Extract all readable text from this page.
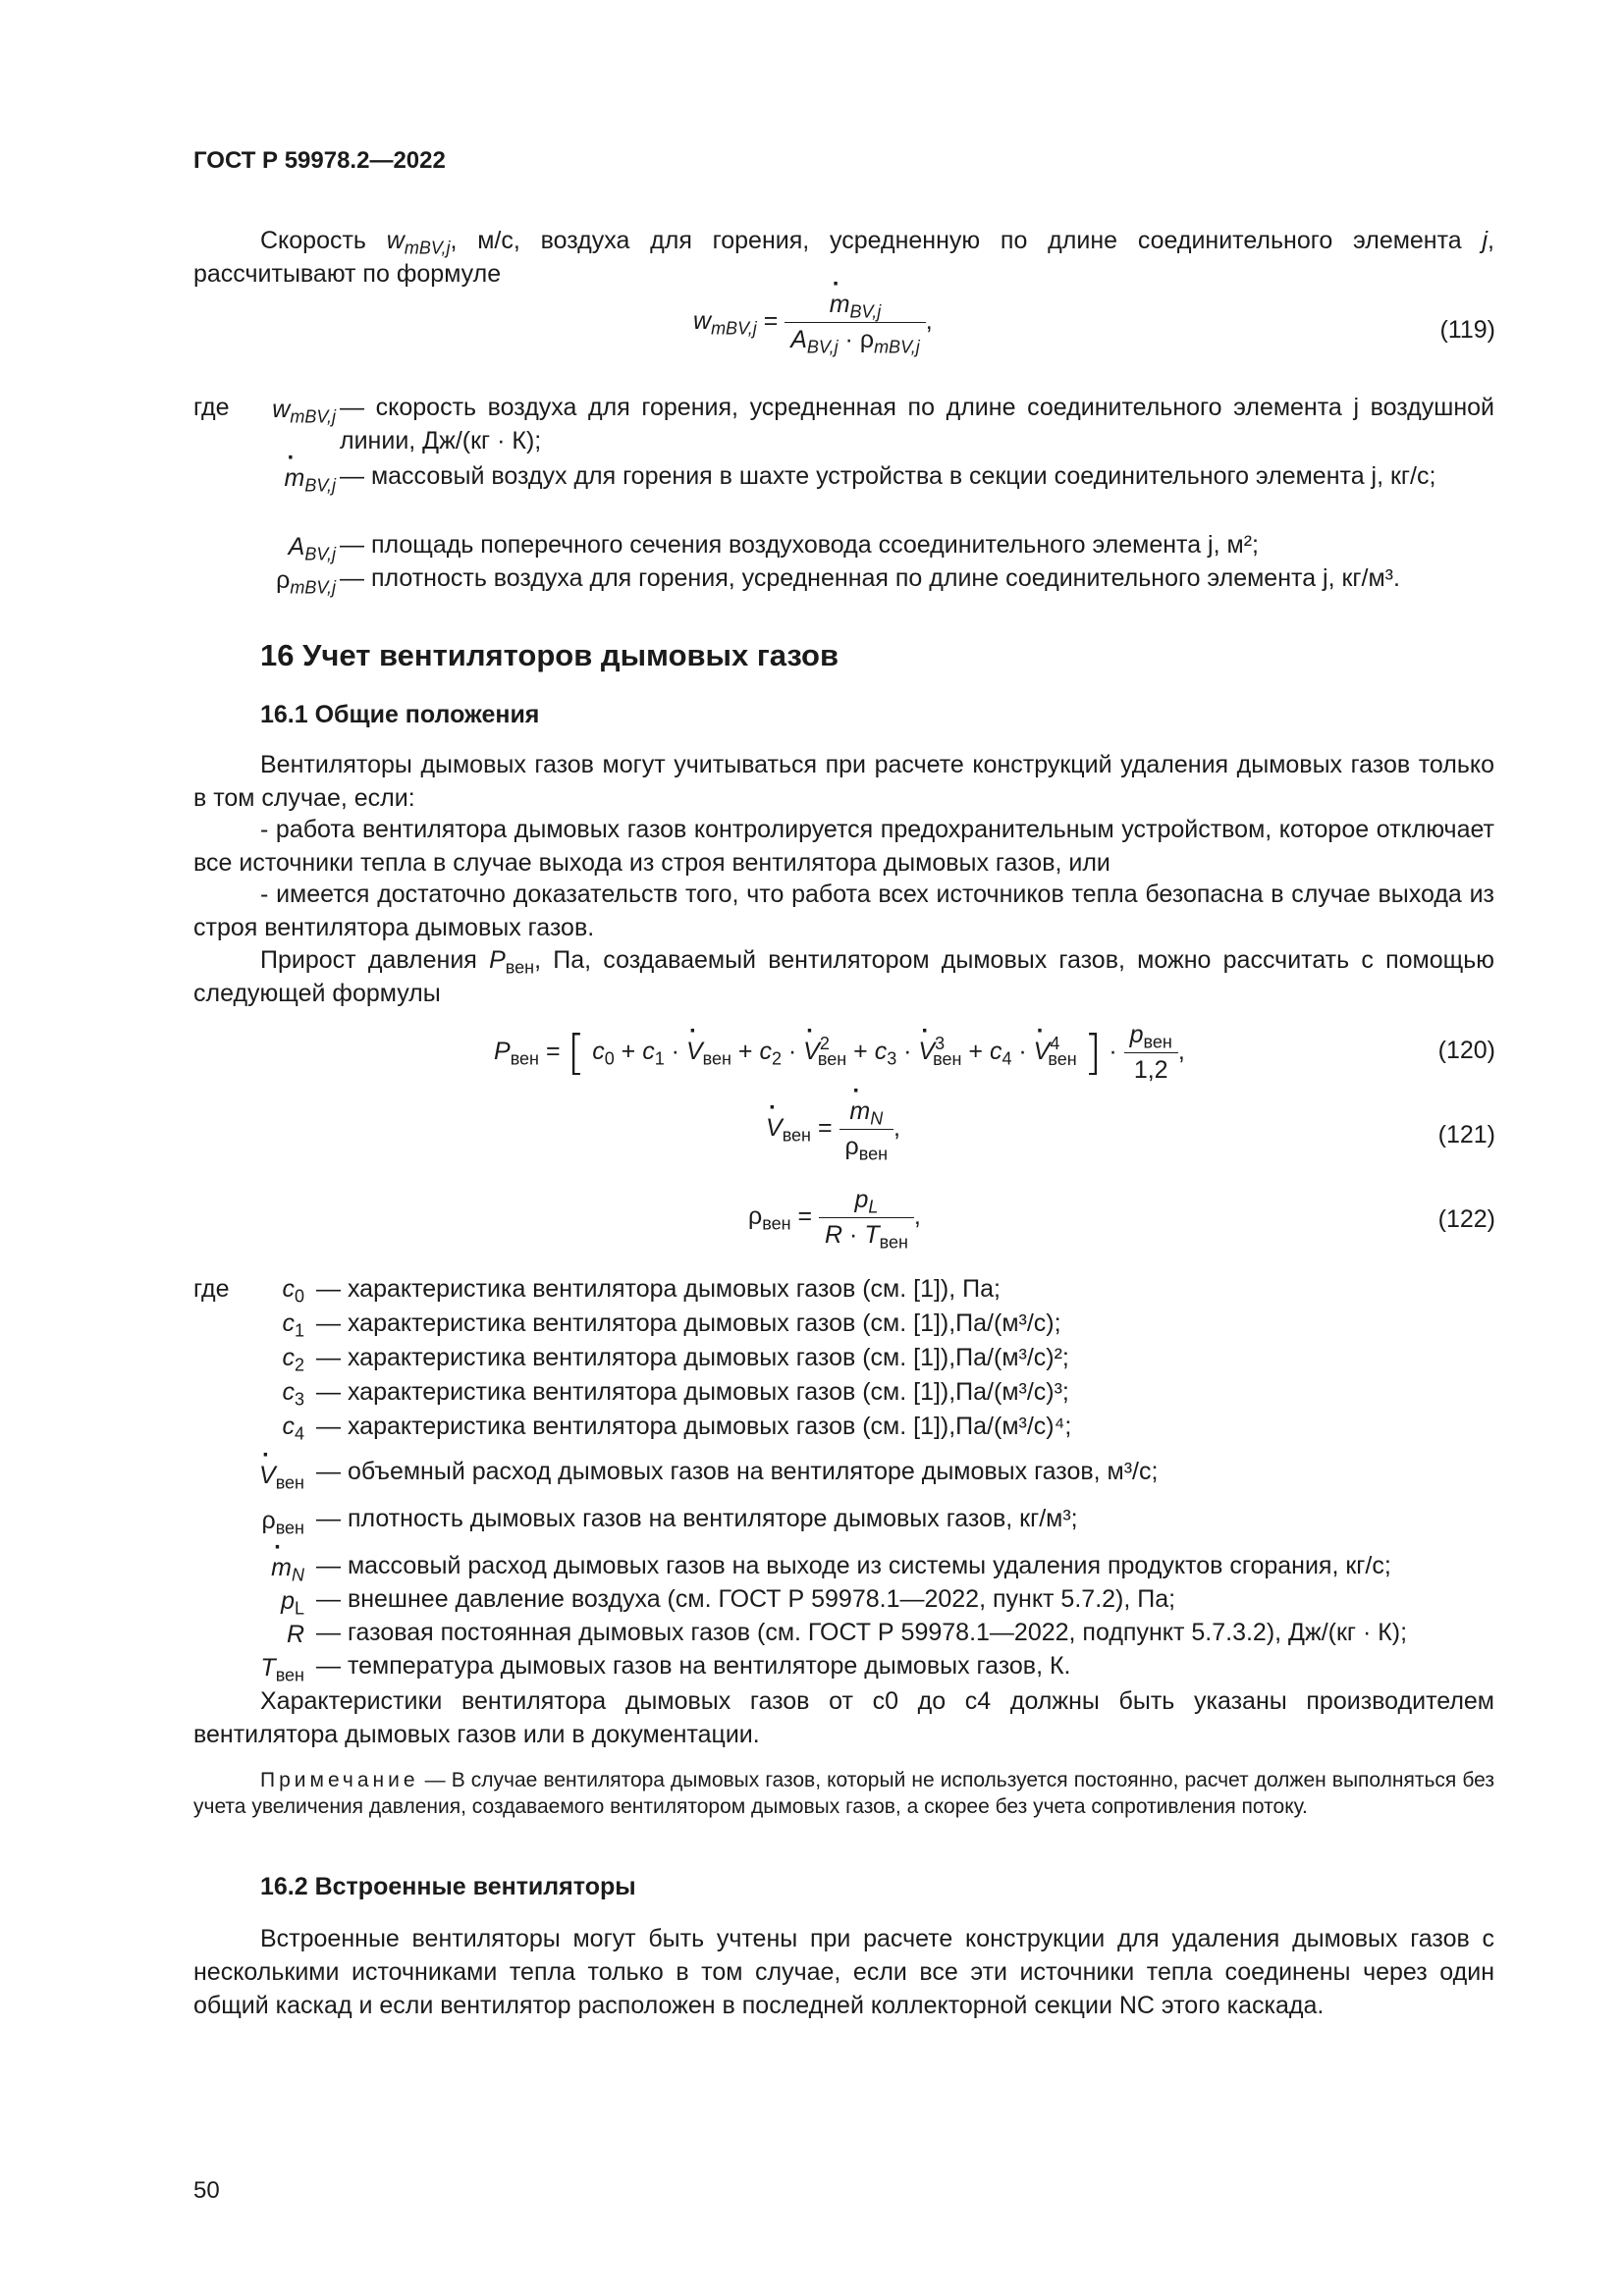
ГОСТ Р 59978.2—2022
Скорость $w_{mBV,j}$, м/с, воздуха для горения, усредненную по длине соединительного элемента j, рассчитывают по формуле
$w_{mBV,j}$ = · $\frac{m_{BV,j}}{A_{BV,j} \cdot \rho_{mBV,j}}$ ,	(119)
где $w_{mBV,j}$ — скорость воздуха для горения, усредненная по длине соединительного элемента j воздушной линии, Дж/(кг · К);
· $m_{BV,j}$ — массовый воздух для горения в шахте устройства в секции соединительного элемента j, кг/с;
$A_{BV,j}$ — площадь поперечного сечения воздуховода ссоединительного элемента j, м²;
$\rho_{mBV,j}$ — плотность воздуха для горения, усредненная по длине соединительного элемента j, кг/м³.
16 Учет вентиляторов дымовых газов
16.1 Общие положения
Вентиляторы дымовых газов могут учитываться при расчете конструкций удаления дымовых газов только в том случае, если:
- работа вентилятора дымовых газов контролируется предохранительным устройством, которое отключает все источники тепла в случае выхода из строя вентилятора дымовых газов, или
- имеется достаточно доказательств того, что работа всех источников тепла безопасна в случае выхода из строя вентилятора дымовых газов.
Прирост давления $P_{вен}$, Па, создаваемый вентилятором дымовых газов, можно рассчитать с помощью следующей формулы
$P_{вен}$ = [ $c_0 + c_1$ · · $V_{вен} + c_2$ · · $V^2_{вен} + c_3$ · · $V^3_{вен} + c_4$ · · $V^4_{вен}$ ] · $\frac{p_{вен}}{1,2}$ ,	(120)
· $V_{вен}$ = · $\frac{m_N}{\rho_{вен}}$ ,	(121)
$\rho_{вен} = \frac{p_L}{R \cdot T_{вен}}$ ,	(122)
где $c_0$ — характеристика вентилятора дымовых газов (см. [1]), Па;
$c_1$ — характеристика вентилятора дымовых газов (см. [1]),Па/(м³/с);
$c_2$ — характеристика вентилятора дымовых газов (см. [1]),Па/(м³/с)²;
$c_3$ — характеристика вентилятора дымовых газов (см. [1]),Па/(м³/с)³;
$c_4$ — характеристика вентилятора дымовых газов (см. [1]),Па/(м³/с)⁴;
· $V_{вен}$ — объемный расход дымовых газов на вентиляторе дымовых газов, м³/с;
$\rho_{вен}$ — плотность дымовых газов на вентиляторе дымовых газов, кг/м³;
· $m_N$ — массовый расход дымовых газов на выходе из системы удаления продуктов сгорания, кг/с;
$p_L$ — внешнее давление воздуха (см. ГОСТ Р 59978.1—2022, пункт 5.7.2), Па;
R — газовая постоянная дымовых газов (см. ГОСТ Р 59978.1—2022, подпункт 5.7.3.2), Дж/(кг · К);
$T_{вен}$ — температура дымовых газов на вентиляторе дымовых газов, К.
Характеристики вентилятора дымовых газов от c0 до c4 должны быть указаны производителем вентилятора дымовых газов или в документации.
Примечание — В случае вентилятора дымовых газов, который не используется постоянно, расчет должен выполняться без учета увеличения давления, создаваемого вентилятором дымовых газов, а скорее без учета сопротивления потоку.
16.2 Встроенные вентиляторы
Встроенные вентиляторы могут быть учтены при расчете конструкции для удаления дымовых газов с несколькими источниками тепла только в том случае, если все эти источники тепла соединены через один общий каскад и если вентилятор расположен в последней коллекторной секции NC этого каскада.
50
